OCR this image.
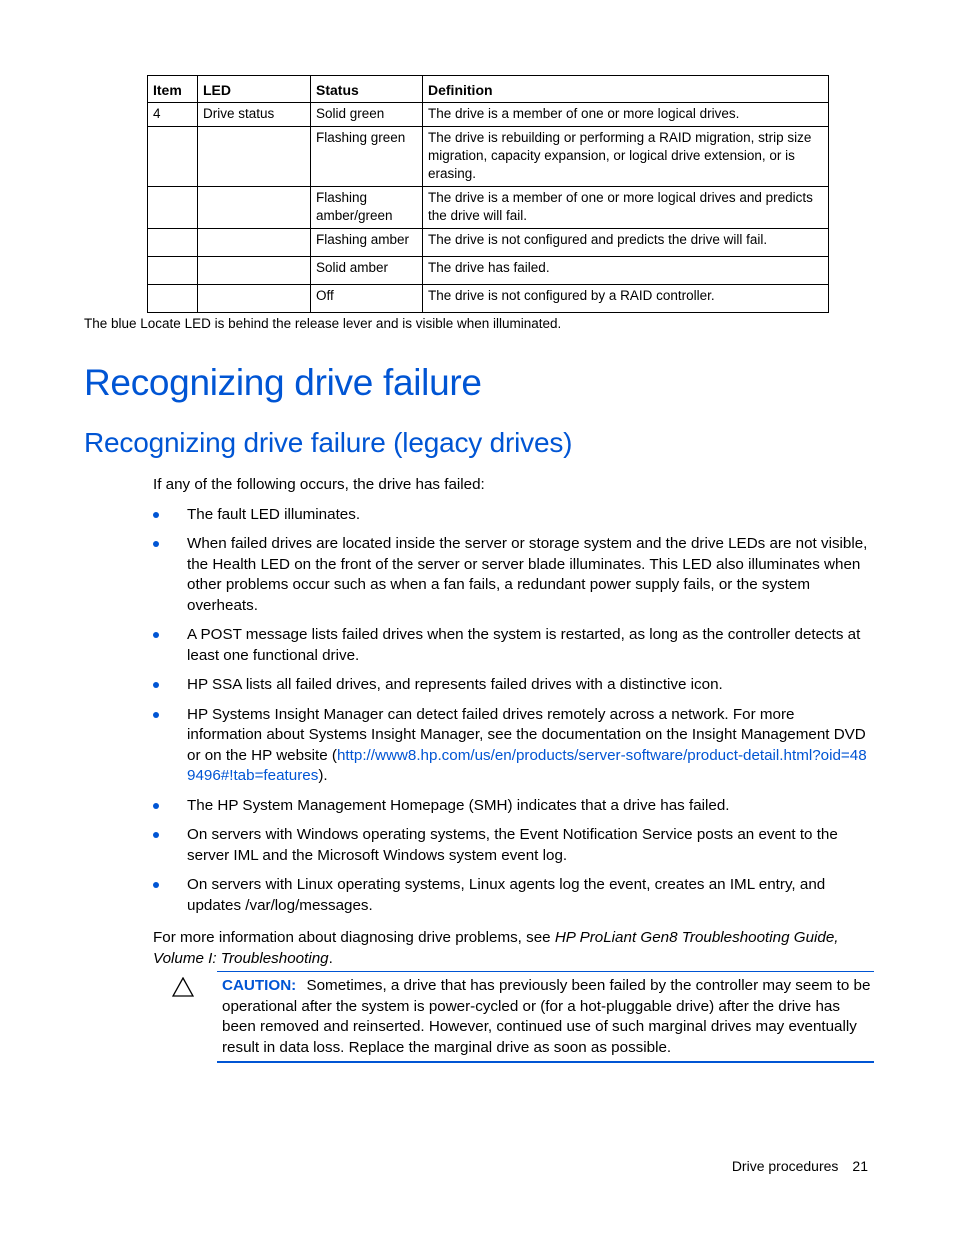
Item	LED	Status	Definition
4	Drive status	Solid green	The drive is a member of one or more logical drives.
		Flashing green	The drive is rebuilding or performing a RAID migration, strip size migration, capacity expansion, or logical drive extension, or is erasing.
		Flashing amber/green	The drive is a member of one or more logical drives and predicts the drive will fail.
		Flashing amber	The drive is not configured and predicts the drive will fail.
		Solid amber	The drive has failed.
		Off	The drive is not configured by a RAID controller.
The blue Locate LED is behind the release lever and is visible when illuminated.
Recognizing drive failure
Recognizing drive failure (legacy drives)

If any of the following occurs, the drive has failed:

The fault LED illuminates.
When failed drives are located inside the server or storage system and the drive LEDs are not visible, the Health LED on the front of the server or server blade illuminates. This LED also illuminates when other problems occur such as when a fan fails, a redundant power supply fails, or the system overheats.
A POST message lists failed drives when the system is restarted, as long as the controller detects at least one functional drive.
HP SSA lists all failed drives, and represents failed drives with a distinctive icon.
HP Systems Insight Manager can detect failed drives remotely across a network. For more information about Systems Insight Manager, see the documentation on the Insight Management DVD or on the HP website (http://www8.hp.com/us/en/products/server-software/product-detail.html?oid=489496#!tab=features).
The HP System Management Homepage (SMH) indicates that a drive has failed.
On servers with Windows operating systems, the Event Notification Service posts an event to the server IML and the Microsoft Windows system event log.
On servers with Linux operating systems, Linux agents log the event, creates an IML entry, and updates /var/log/messages.

For more information about diagnosing drive problems, see HP ProLiant Gen8 Troubleshooting Guide, Volume I: Troubleshooting.

CAUTION: Sometimes, a drive that has previously been failed by the controller may seem to be operational after the system is power-cycled or (for a hot-pluggable drive) after the drive has been removed and reinserted. However, continued use of such marginal drives may eventually result in data loss. Replace the marginal drive as soon as possible.
Drive procedures 21
